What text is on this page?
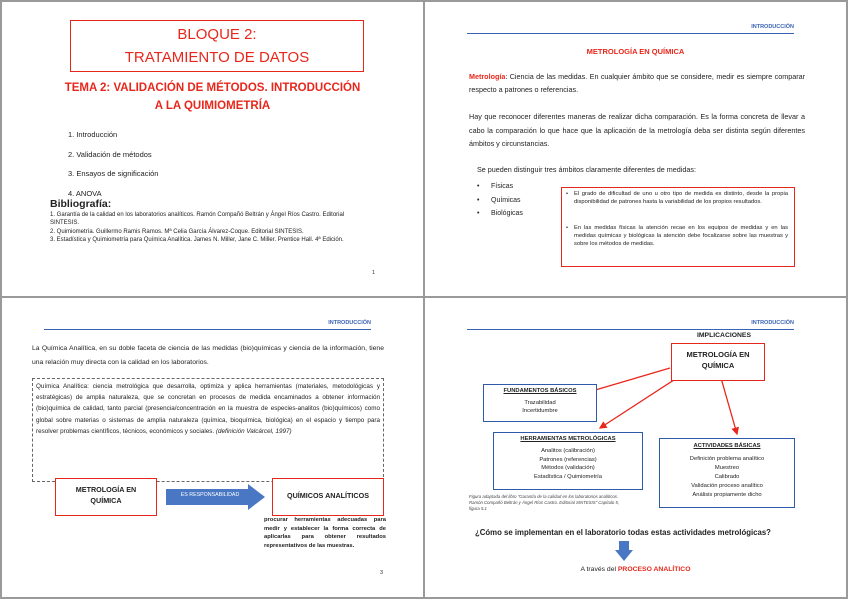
BLOQUE 2:
TRATAMIENTO DE DATOS
TEMA 2: VALIDACIÓN DE MÉTODOS. INTRODUCCIÓN
A LA QUIMIOMETRÍA
1. Introducción
2. Validación de métodos
3. Ensayos de significación
4. ANOVA
Bibliografía:
1. Garantía de la calidad en los laboratorios analíticos. Ramón Compañó Beltrán y Ángel Ríos Castro. Editorial SINTESIS.
2. Quimiometría. Guillermo Ramis Ramos. Mª Celia García Álvarez-Coque. Editorial SINTESIS.
3. Estadística y Quimiometría para Química Analítica. James N. Miller, Jane C. Miller. Prentice Hall. 4ª Edición.
1
INTRODUCCIÓN
METROLOGÍA EN QUÍMICA
Metrología: Ciencia de las medidas. En cualquier ámbito que se considere, medir es siempre comparar respecto a patrones o referencias.
Hay que reconocer diferentes maneras de realizar dicha comparación. Es la forma concreta de llevar a cabo la comparación lo que hace que la aplicación de la metrología deba ser distinta según diferentes ámbitos y circunstancias.
Se pueden distinguir tres ámbitos claramente diferentes de medidas:
• Físicas
• Químicas
• Biológicas
•	El grado de dificultad de uno u otro tipo de medida es distinto, desde la propia disponibilidad de patrones hasta la variabilidad de los propios resultados.
•	En las medidas físicas la atención recae en los equipos de medidas y en las medidas químicas y biológicas la atención debe focalizarse sobre las muestras y sobre los métodos de medidas.
INTRODUCCIÓN
La Química Analítica, en su doble faceta de ciencia de las medidas (bio)químicas y ciencia de la información, tiene una relación muy directa con la calidad en los laboratorios.
Química Analítica: ciencia metrológica que desarrolla, optimiza y aplica herramientas (materiales, metodológicas y estratégicas) de amplia naturaleza, que se concretan en procesos de medida encaminados a obtener información (bio)química de calidad, tanto parcial (presencia/concentración en la muestra de especies-analitos (bio)químicos) como global sobre materias o sistemas de amplia naturaleza (química, bioquímica, biológica) en el espacio y tiempo para resolver problemas científicos, técnicos, económicos y sociales. (definición Valcárcel, 1997)
METROLOGÍA EN QUÍMICA
ES RESPONSABILIDAD	QUÍMICOS ANALÍTICOS
procurar herramientas adecuadas para medir y establecer la forma correcta de aplicarlas para obtener resultados representativos de las muestras.
3
INTRODUCCIÓN
IMPLICACIONES
METROLOGÍA EN QUÍMICA
FUNDAMENTOS BÁSICOS
Trazabilidad
Incertidumbre
HERRAMIENTAS METROLÓGICAS
Analitos (calibración)
Patrones (referencias)
Métodos (validación)
Estadística / Quimiometría
ACTIVIDADES BÁSICAS
Definición problema analítico
Muestreo
Calibrado
Validación proceso analítico
Análisis propiamente dicho
Figura adaptada del libro "Garantía de la calidad en los laboratorios analíticos. Ramón Compañó Beltrán y Ángel Ríos Castro. Editorial SINTESIS" Capítulo 5, figura 5.1
¿Cómo se implementan en el laboratorio todas estas actividades metrológicas?
A través del PROCESO ANALÍTICO
